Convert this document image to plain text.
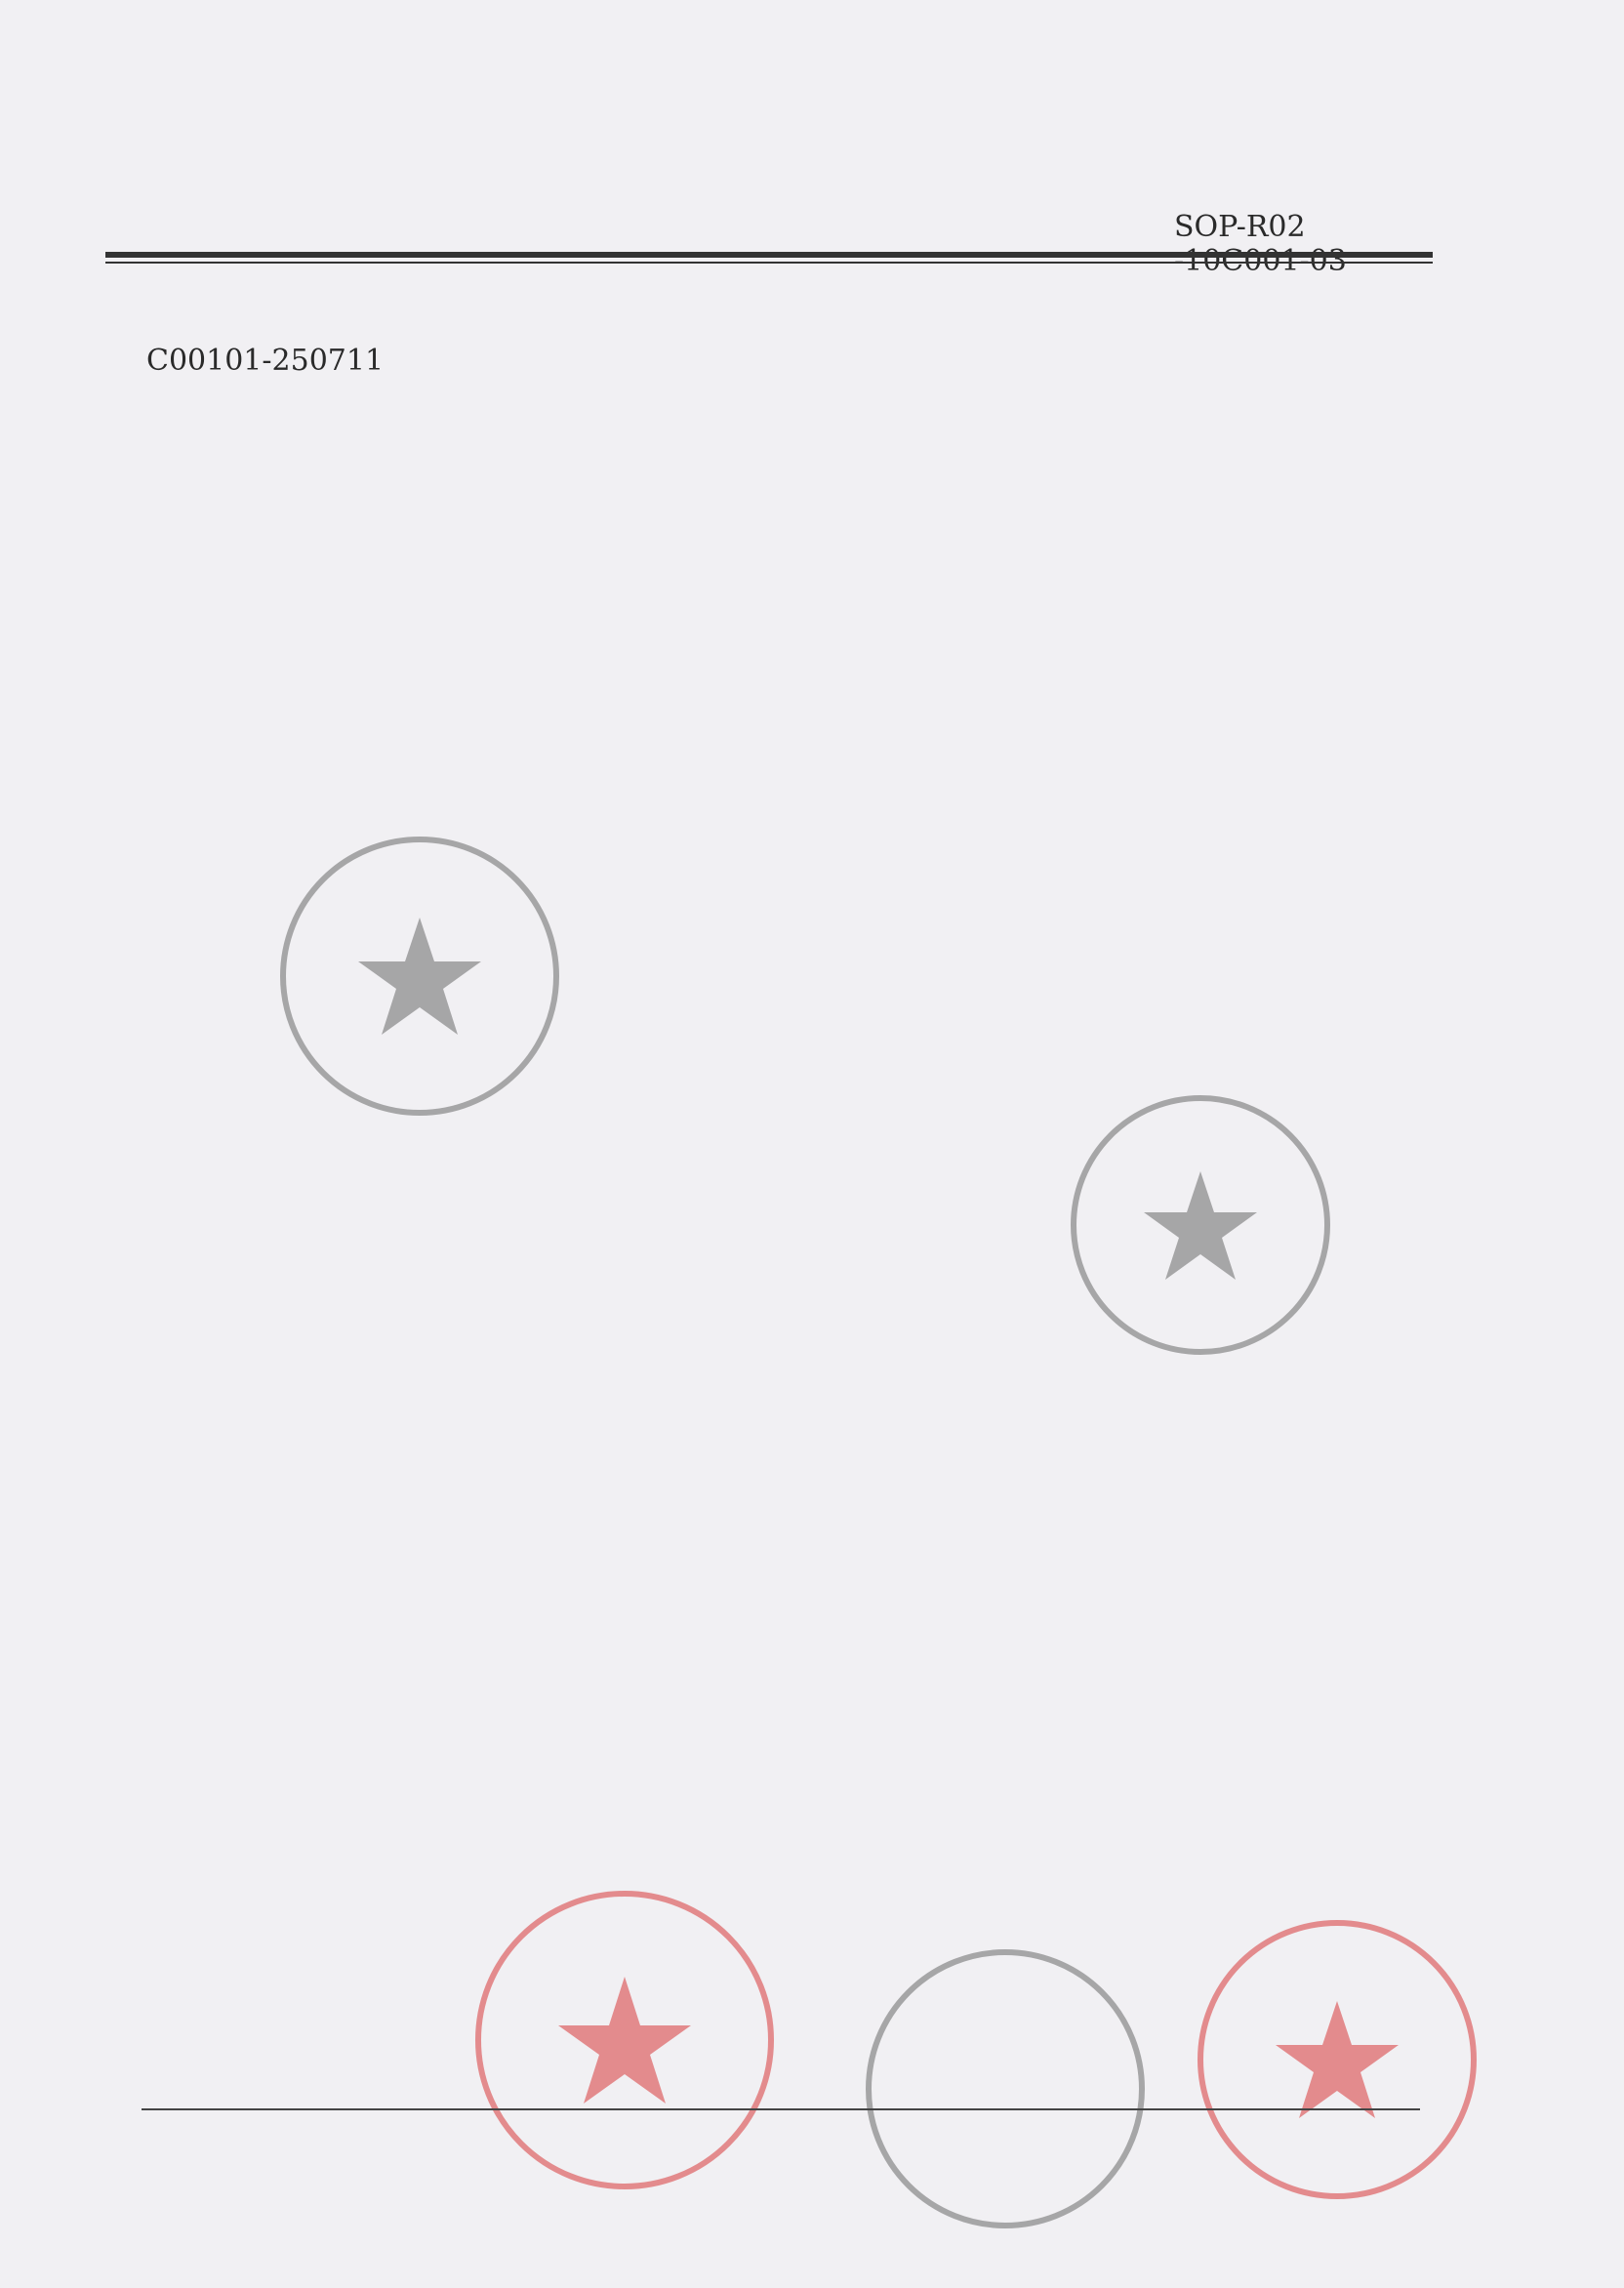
SOP-R02
C00101-250711
